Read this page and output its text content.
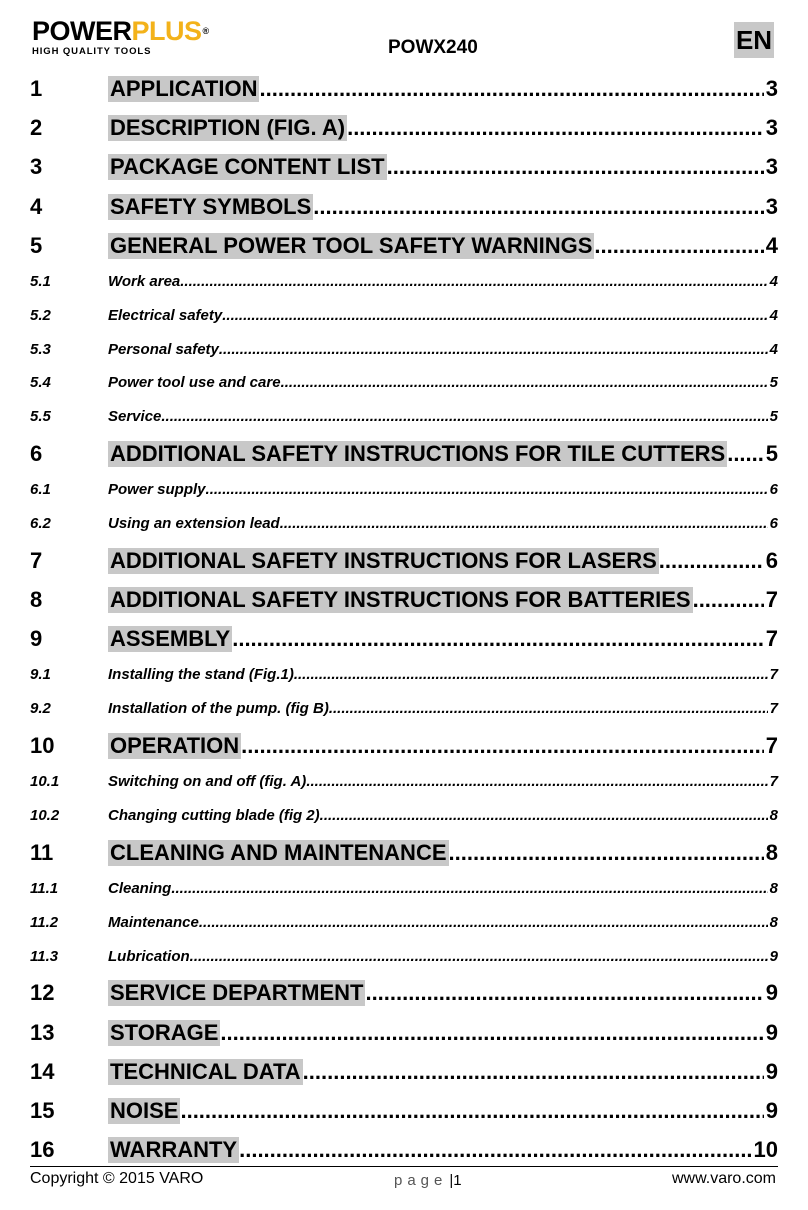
POWERPLUS®
HIGH QUALITY TOOLS	POWX240	EN
1	APPLICATION .....	3
2	DESCRIPTION (FIG. A) .....	3
3	PACKAGE CONTENT LIST .....	3
4	SAFETY SYMBOLS .....	3
5	GENERAL POWER TOOL SAFETY WARNINGS .....	4
5.1	Work area .....	4
5.2	Electrical safety .....	4
5.3	Personal safety .....	4
5.4	Power tool use and care .....	5
5.5	Service .....	5
6	ADDITIONAL SAFETY INSTRUCTIONS FOR TILE CUTTERS ..... 5
6.1	Power supply .....	6
6.2	Using an extension lead .....	6
7	ADDITIONAL SAFETY INSTRUCTIONS FOR LASERS .....	6
8	ADDITIONAL SAFETY INSTRUCTIONS FOR BATTERIES .....	7
9	ASSEMBLY .....	7
9.1	Installing the stand (Fig.1) .....	7
9.2	Installation of the pump. (fig B) .....	7
10	OPERATION .....	7
10.1	Switching on and off (fig. A) .....	7
10.2	Changing cutting blade (fig 2) .....	8
11	CLEANING AND MAINTENANCE .....	8
11.1	Cleaning .....	8
11.2	Maintenance .....	8
11.3	Lubrication .....	9
12	SERVICE DEPARTMENT .....	9
13	STORAGE .....	9
14	TECHNICAL DATA .....	9
15	NOISE .....	9
16	WARRANTY .....	10
Copyright © 2015 VARO	page |1	www.varo.com
